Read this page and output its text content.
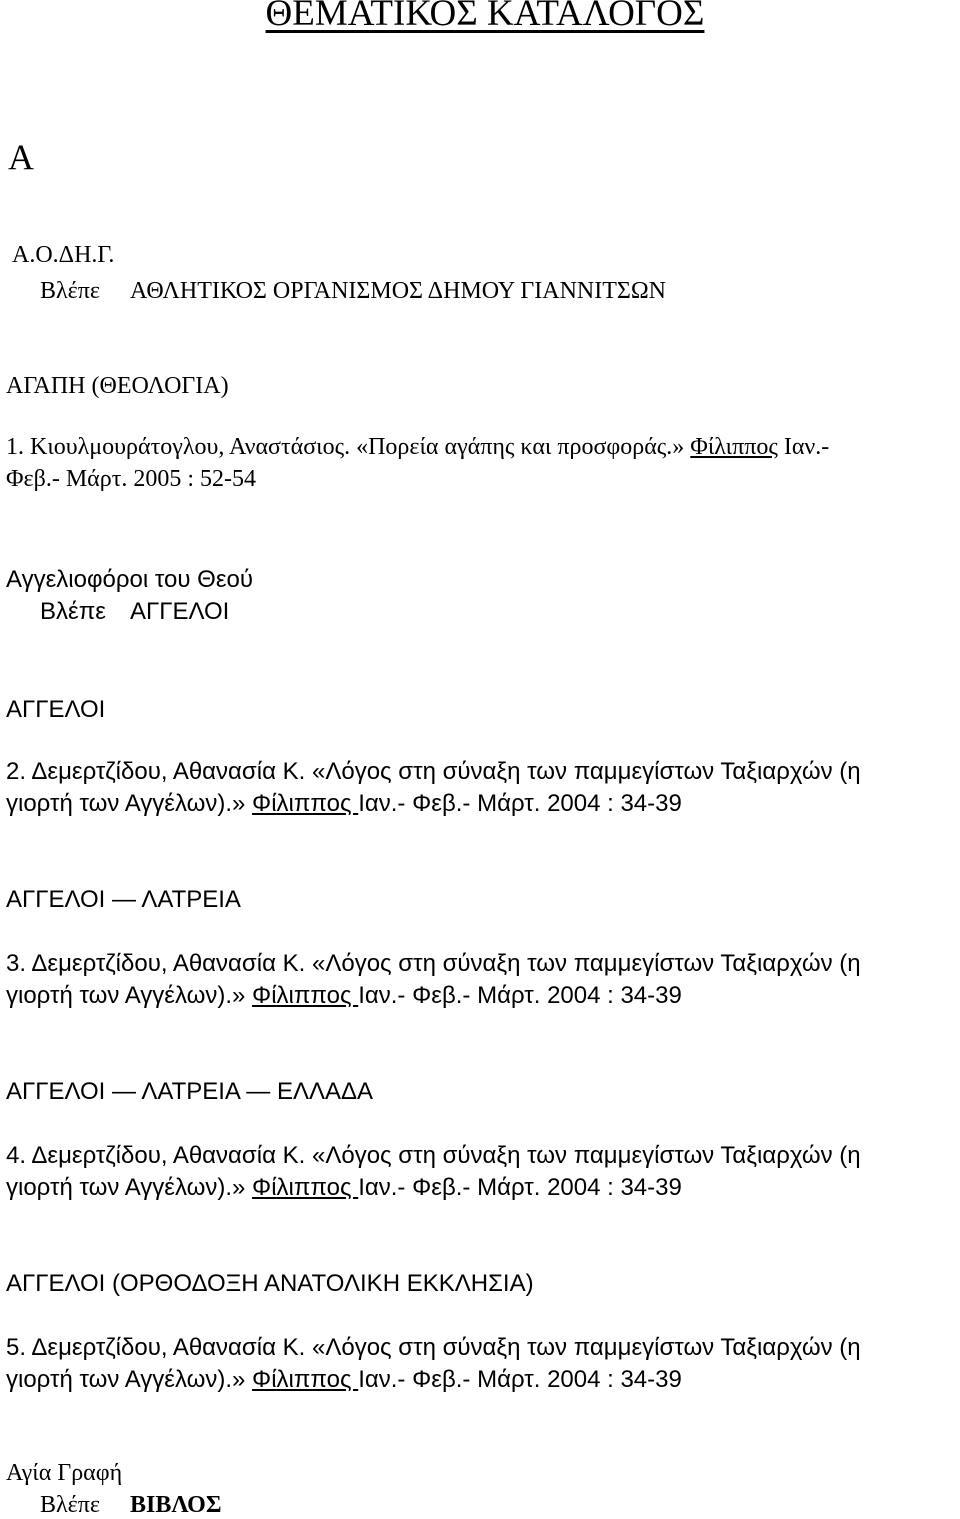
ΘΕΜΑΤΙΚΟΣ ΚΑΤΑΛΟΓΟΣ
Α
Α.Ο.ΔΗ.Γ.
Βλέπε ΑΘΛΗΤΙΚΟΣ ΟΡΓΑΝΙΣΜΟΣ ΔΗΜΟΥ ΓΙΑΝΝΙΤΣΩΝ
ΑΓΑΠΗ (ΘΕΟΛΟΓΙΑ)
1. Κιουλμουράτογλου, Αναστάσιος. «Πορεία αγάπης και προσφοράς.» Φίλιππος Ιαν.-
Φεβ.- Μάρτ. 2005 : 52-54
Αγγελιοφόροι του Θεού
Βλέπε ΑΓΓΕΛΟΙ
ΑΓΓΕΛΟΙ
2. Δεμερτζίδου, Αθανασία Κ. «Λόγος στη σύναξη των παμμεγίστων Ταξιαρχών (η
γιορτή των Αγγέλων).» Φίλιππος Ιαν.- Φεβ.- Μάρτ. 2004 : 34-39
ΑΓΓΕΛΟΙ — ΛΑΤΡΕΙΑ
3. Δεμερτζίδου, Αθανασία Κ. «Λόγος στη σύναξη των παμμεγίστων Ταξιαρχών (η
γιορτή των Αγγέλων).» Φίλιππος Ιαν.- Φεβ.- Μάρτ. 2004 : 34-39
ΑΓΓΕΛΟΙ — ΛΑΤΡΕΙΑ — ΕΛΛΑΔΑ
4. Δεμερτζίδου, Αθανασία Κ. «Λόγος στη σύναξη των παμμεγίστων Ταξιαρχών (η
γιορτή των Αγγέλων).» Φίλιππος Ιαν.- Φεβ.- Μάρτ. 2004 : 34-39
ΑΓΓΕΛΟΙ (ΟΡΘΟΔΟΞΗ ΑΝΑΤΟΛΙΚΗ ΕΚΚΛΗΣΙΑ)
5. Δεμερτζίδου, Αθανασία Κ. «Λόγος στη σύναξη των παμμεγίστων Ταξιαρχών (η
γιορτή των Αγγέλων).» Φίλιππος Ιαν.- Φεβ.- Μάρτ. 2004 : 34-39
Αγία Γραφή
Βλέπε ΒΙΒΛΟΣ
